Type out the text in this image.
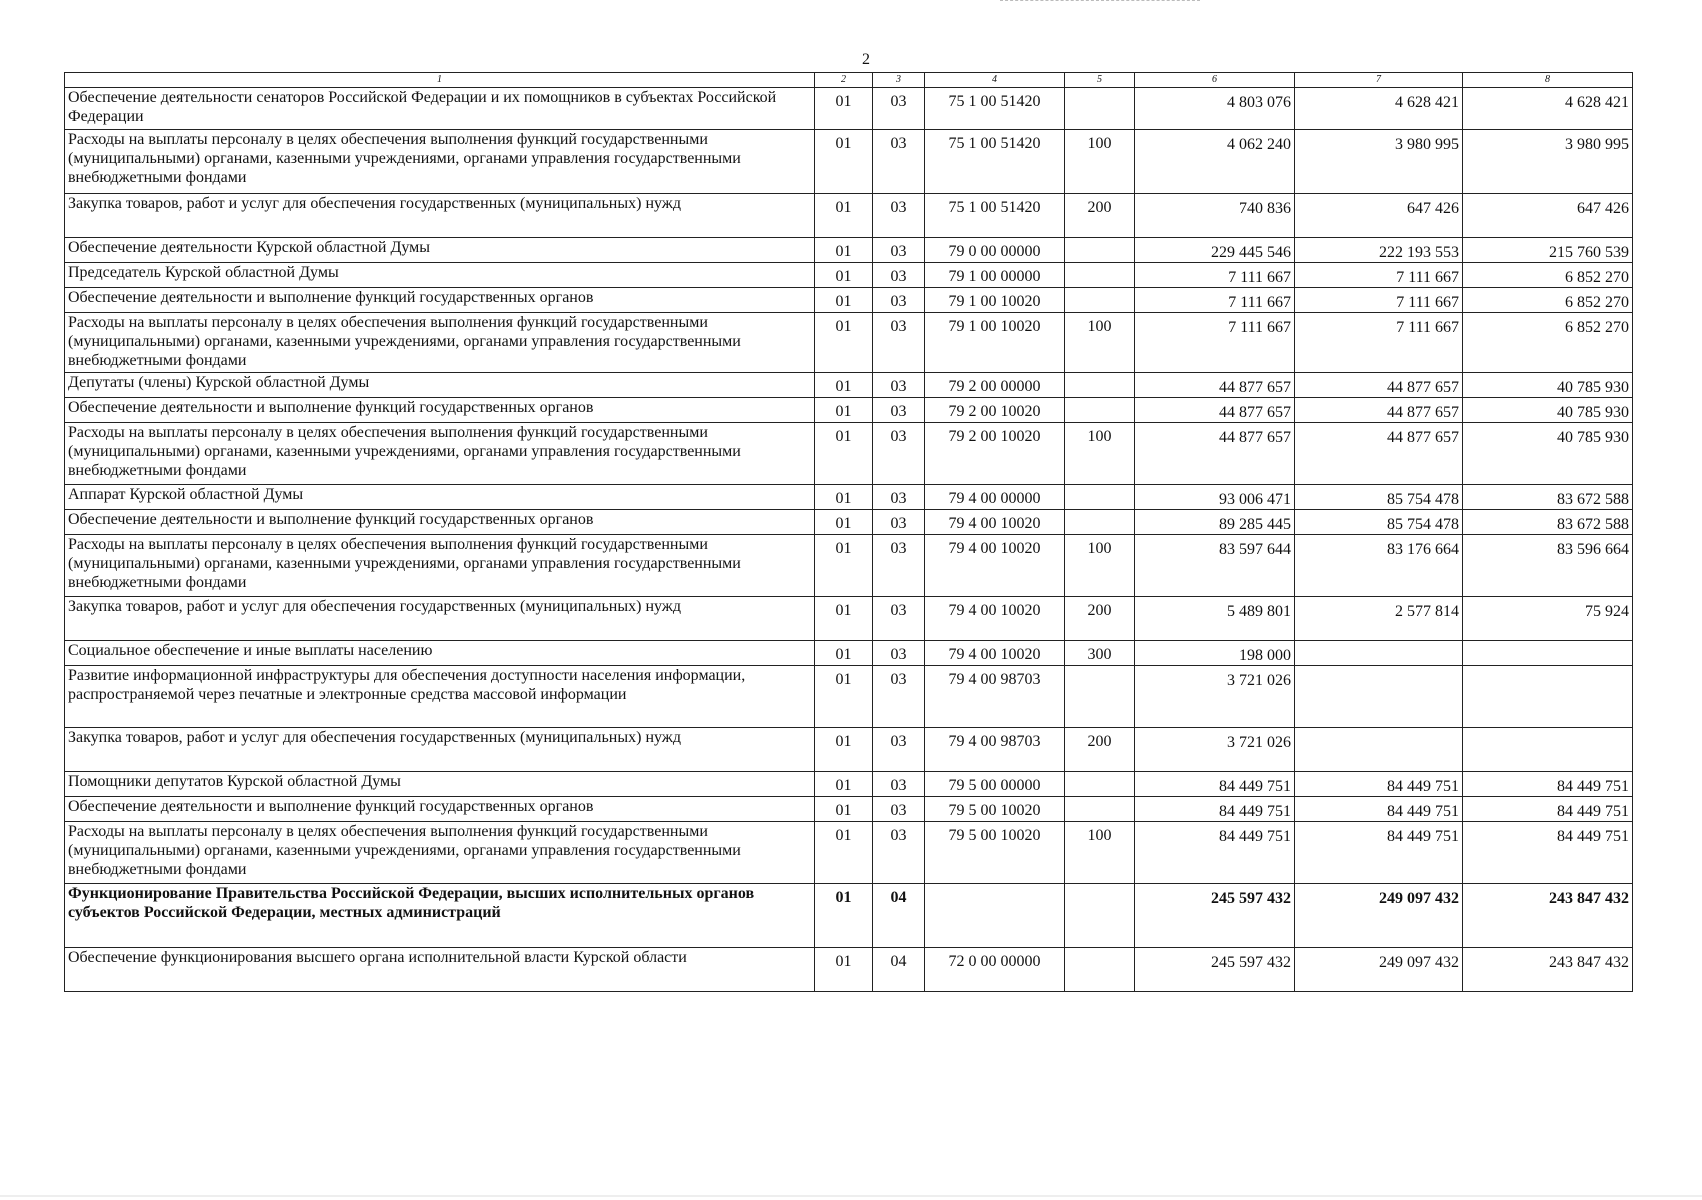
2
1	2	3	4	5	6	7	8
Обеспечение деятельности сенаторов Российской Федерации и их помощников в субъектах Российской Федерации	01	03	75 1 00 51420		4 803 076	4 628 421	4 628 421
Расходы на выплаты персоналу в целях обеспечения выполнения функций государственными (муниципальными) органами, казенными учреждениями, органами управления государственными внебюджетными фондами	01	03	75 1 00 51420	100	4 062 240	3 980 995	3 980 995
Закупка товаров, работ и услуг для обеспечения государственных (муниципальных) нужд	01	03	75 1 00 51420	200	740 836	647 426	647 426
Обеспечение деятельности Курской областной Думы	01	03	79 0 00 00000		229 445 546	222 193 553	215 760 539
Председатель Курской областной Думы	01	03	79 1 00 00000		7 111 667	7 111 667	6 852 270
Обеспечение деятельности и выполнение функций государственных органов	01	03	79 1 00 10020		7 111 667	7 111 667	6 852 270
Расходы на выплаты персоналу в целях обеспечения выполнения функций государственными (муниципальными) органами, казенными учреждениями, органами управления государственными внебюджетными фондами	01	03	79 1 00 10020	100	7 111 667	7 111 667	6 852 270
Депутаты (члены) Курской областной Думы	01	03	79 2 00 00000		44 877 657	44 877 657	40 785 930
Обеспечение деятельности и выполнение функций государственных органов	01	03	79 2 00 10020		44 877 657	44 877 657	40 785 930
Расходы на выплаты персоналу в целях обеспечения выполнения функций государственными (муниципальными) органами, казенными учреждениями, органами управления государственными внебюджетными фондами	01	03	79 2 00 10020	100	44 877 657	44 877 657	40 785 930
Аппарат Курской областной Думы	01	03	79 4 00 00000		93 006 471	85 754 478	83 672 588
Обеспечение деятельности и выполнение функций государственных органов	01	03	79 4 00 10020		89 285 445	85 754 478	83 672 588
Расходы на выплаты персоналу в целях обеспечения выполнения функций государственными (муниципальными) органами, казенными учреждениями, органами управления государственными внебюджетными фондами	01	03	79 4 00 10020	100	83 597 644	83 176 664	83 596 664
Закупка товаров, работ и услуг для обеспечения государственных (муниципальных) нужд	01	03	79 4 00 10020	200	5 489 801	2 577 814	75 924
Социальное обеспечение и иные выплаты населению	01	03	79 4 00 10020	300	198 000		
Развитие информационной инфраструктуры для обеспечения доступности населения информации, распространяемой через печатные и электронные средства массовой информации	01	03	79 4 00 98703		3 721 026		
Закупка товаров, работ и услуг для обеспечения государственных (муниципальных) нужд	01	03	79 4 00 98703	200	3 721 026		
Помощники депутатов Курской областной Думы	01	03	79 5 00 00000		84 449 751	84 449 751	84 449 751
Обеспечение деятельности и выполнение функций государственных органов	01	03	79 5 00 10020		84 449 751	84 449 751	84 449 751
Расходы на выплаты персоналу в целях обеспечения выполнения функций государственными (муниципальными) органами, казенными учреждениями, органами управления государственными внебюджетными фондами	01	03	79 5 00 10020	100	84 449 751	84 449 751	84 449 751
Функционирование Правительства Российской Федерации, высших исполнительных органов субъектов Российской Федерации, местных администраций	01	04			245 597 432	249 097 432	243 847 432
Обеспечение функционирования высшего органа исполнительной власти Курской области	01	04	72 0 00 00000		245 597 432	249 097 432	243 847 432
